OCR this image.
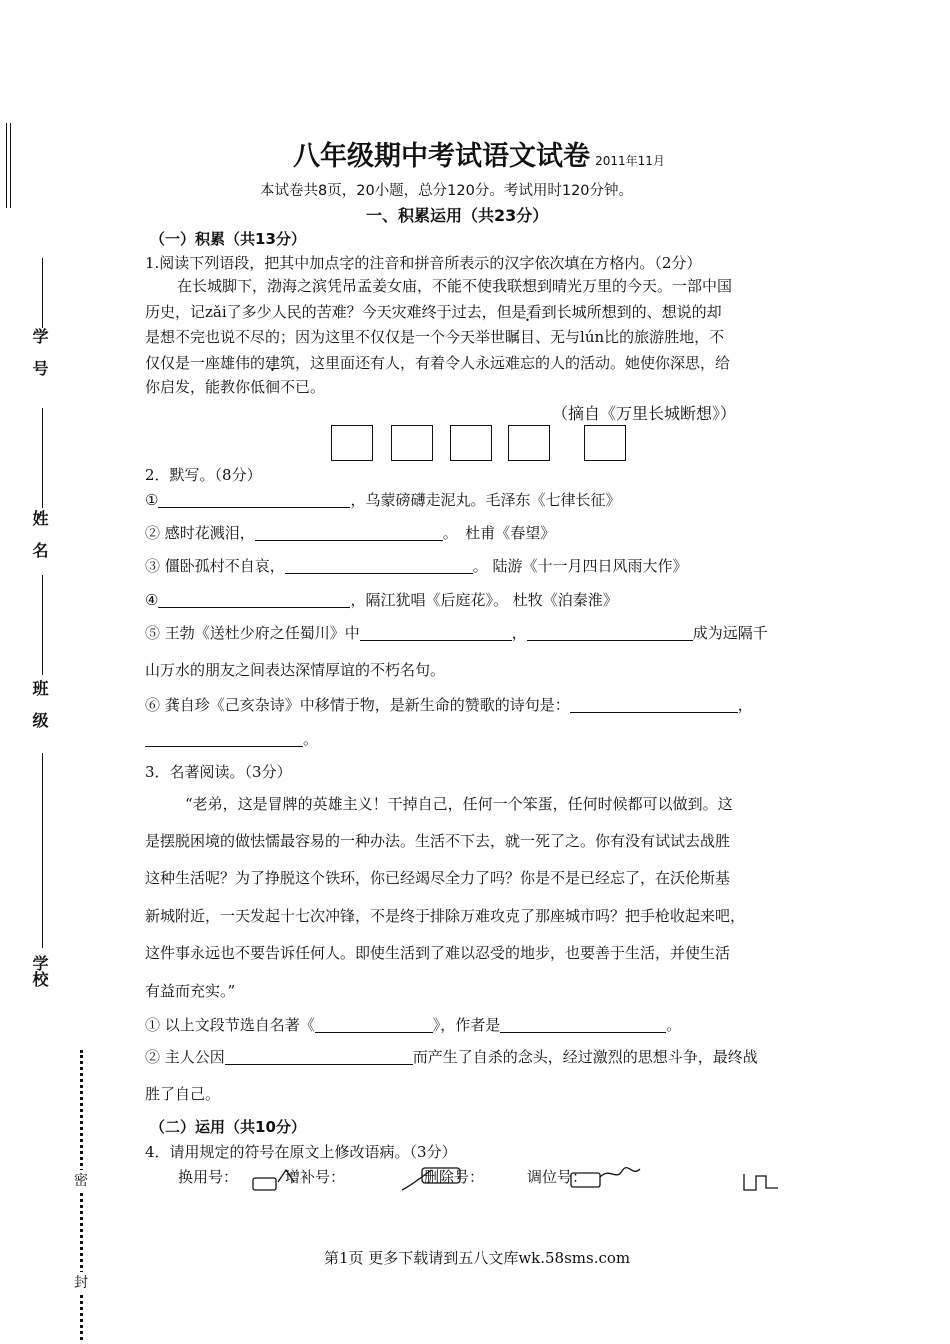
学　号
姓　名
班　级
学校
密
封
八年级期中考试语文试卷 2011年11月
本试卷共8页，20小题，总分120分。考试用时120分钟。
一、积累运用（共23分）
（一）积累（共13分）
1.阅读下列语段，把其中加点字的注音和拼音所表示的汉字依次填在方格内。（2分）
在长城脚下，渤海之滨凭吊孟姜女庙，不能不使我联想到晴光万里的今天。一部中国
历史，记zǎi了多少人民的苦难？今天灾难终于过去，但是看到长城所想到的、想说的却
是想不完也说不尽的；因为这里不仅仅是一个今天举世瞩目、无与lún比的旅游胜地，不
仅仅是一座雄伟的建筑，这里面还有人，有着令人永远难忘的人的活动。她使你深思，给
你启发，能教你低徊不已。
（摘自《万里长城断想》）
2．默写。（8分）
①	，乌蒙磅礴走泥丸。毛泽东《七律长征》
② 感时花溅泪，	。　杜甫《春望》
③ 僵卧孤村不自哀，	。 陆游《十一月四日风雨大作》
④	，隔江犹唱《后庭花》。 杜牧《泊秦淮》
⑤ 王勃《送杜少府之任蜀川》中	，	成为远隔千
山万水的朋友之间表达深情厚谊的不朽名句。
⑥ 龚自珍《己亥杂诗》中移情于物，是新生命的赞歌的诗句是：	，
。
3．名著阅读。（3分）
“老弟，这是冒牌的英雄主义！干掉自己，任何一个笨蛋，任何时候都可以做到。这
是摆脱困境的做怯懦最容易的一种办法。生活不下去，就一死了之。你有没有试试去战胜
这种生活呢？为了挣脱这个铁环，你已经竭尽全力了吗？你是不是已经忘了，在沃伦斯基
新城附近，一天发起十七次冲锋，不是终于排除万难攻克了那座城市吗？把手枪收起来吧，
这件事永远也不要告诉任何人。即使生活到了难以忍受的地步，也要善于生活，并使生活
有益而充实。”
① 以上文段节选自名著《	》，作者是	。
② 主人公因	而产生了自杀的念头，经过激烈的思想斗争，最终战
胜了自己。
（二）运用（共10分）
4．请用规定的符号在原文上修改语病。（3分）
换用号：	增补号：	删除号：	调位号：
第1页 更多下载请到五八文库wk.58sms.com
